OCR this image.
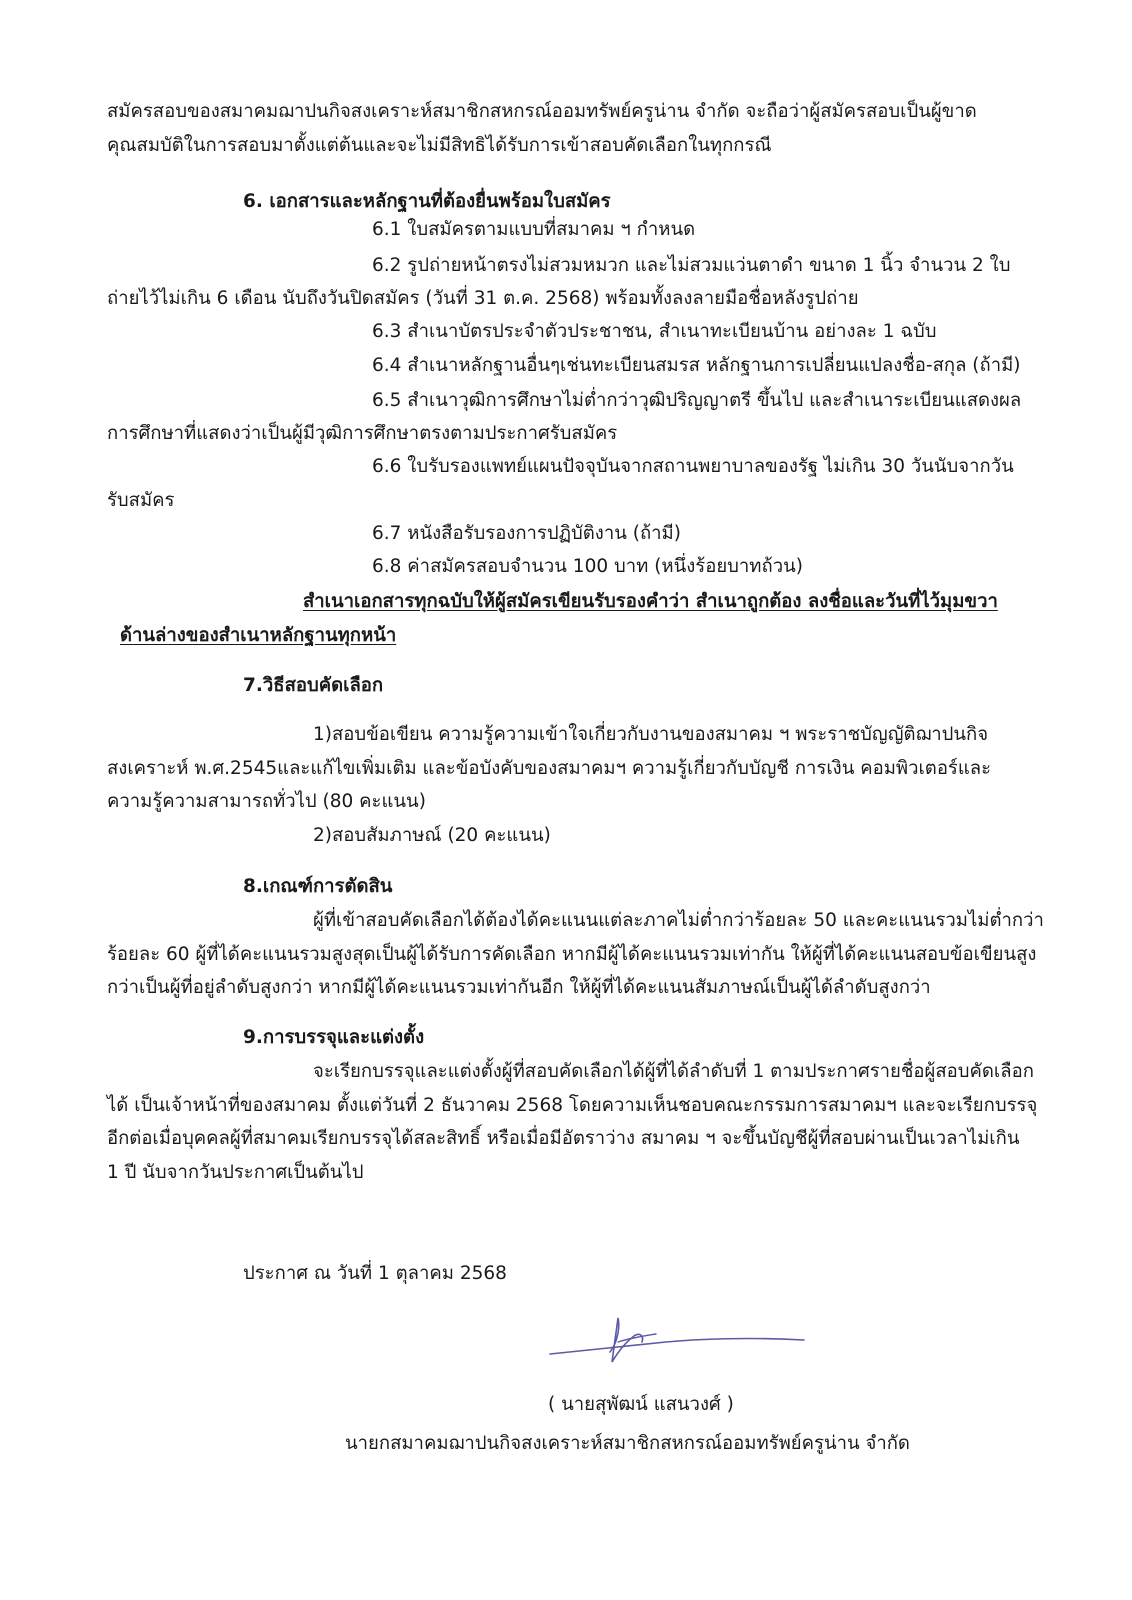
สมัครสอบของสมาคมฌาปนกิจสงเคราะห์สมาชิกสหกรณ์ออมทรัพย์ครูน่าน จำกัด จะถือว่าผู้สมัครสอบเป็นผู้ขาด
คุณสมบัติในการสอบมาตั้งแต่ต้นและจะไม่มีสิทธิได้รับการเข้าสอบคัดเลือกในทุกกรณี
6. เอกสารและหลักฐานที่ต้องยื่นพร้อมใบสมัคร
6.1 ใบสมัครตามแบบที่สมาคม ฯ กำหนด
6.2 รูปถ่ายหน้าตรงไม่สวมหมวก และไม่สวมแว่นตาดำ ขนาด 1 นิ้ว จำนวน 2 ใบ
ถ่ายไว้ไม่เกิน 6 เดือน นับถึงวันปิดสมัคร (วันที่ 31 ต.ค. 2568) พร้อมทั้งลงลายมือชื่อหลังรูปถ่าย
6.3 สำเนาบัตรประจำตัวประชาชน, สำเนาทะเบียนบ้าน อย่างละ 1 ฉบับ
6.4 สำเนาหลักฐานอื่นๆเช่นทะเบียนสมรส หลักฐานการเปลี่ยนแปลงชื่อ-สกุล (ถ้ามี)
6.5 สำเนาวุฒิการศึกษาไม่ต่ำกว่าวุฒิปริญญาตรี ขึ้นไป และสำเนาระเบียนแสดงผล
การศึกษาที่แสดงว่าเป็นผู้มีวุฒิการศึกษาตรงตามประกาศรับสมัคร
6.6 ใบรับรองแพทย์แผนปัจจุบันจากสถานพยาบาลของรัฐ ไม่เกิน 30 วันนับจากวัน
รับสมัคร
6.7 หนังสือรับรองการปฏิบัติงาน (ถ้ามี)
6.8 ค่าสมัครสอบจำนวน 100 บาท (หนึ่งร้อยบาทถ้วน)
สำเนาเอกสารทุกฉบับให้ผู้สมัครเขียนรับรองคำว่า สำเนาถูกต้อง ลงชื่อและวันที่ไว้มุมขวา
ด้านล่างของสำเนาหลักฐานทุกหน้า
7.วิธีสอบคัดเลือก
1)สอบข้อเขียน ความรู้ความเข้าใจเกี่ยวกับงานของสมาคม ฯ พระราชบัญญัติฌาปนกิจ
สงเคราะห์ พ.ศ.2545และแก้ไขเพิ่มเติม และข้อบังคับของสมาคมฯ ความรู้เกี่ยวกับบัญชี การเงิน คอมพิวเตอร์และ
ความรู้ความสามารถทั่วไป (80 คะแนน)
2)สอบสัมภาษณ์ (20 คะแนน)
8.เกณฑ์การตัดสิน
ผู้ที่เข้าสอบคัดเลือกได้ต้องได้คะแนนแต่ละภาคไม่ต่ำกว่าร้อยละ 50 และคะแนนรวมไม่ต่ำกว่า
ร้อยละ 60 ผู้ที่ได้คะแนนรวมสูงสุดเป็นผู้ได้รับการคัดเลือก หากมีผู้ได้คะแนนรวมเท่ากัน ให้ผู้ที่ได้คะแนนสอบข้อเขียนสูง
กว่าเป็นผู้ที่อยู่ลำดับสูงกว่า หากมีผู้ได้คะแนนรวมเท่ากันอีก ให้ผู้ที่ได้คะแนนสัมภาษณ์เป็นผู้ได้ลำดับสูงกว่า
9.การบรรจุและแต่งตั้ง
จะเรียกบรรจุและแต่งตั้งผู้ที่สอบคัดเลือกได้ผู้ที่ได้ลำดับที่ 1 ตามประกาศรายชื่อผู้สอบคัดเลือก
ได้ เป็นเจ้าหน้าที่ของสมาคม ตั้งแต่วันที่ 2 ธันวาคม 2568 โดยความเห็นชอบคณะกรรมการสมาคมฯ และจะเรียกบรรจุ
อีกต่อเมื่อบุคคลผู้ที่สมาคมเรียกบรรจุได้สละสิทธิ์ หรือเมื่อมีอัตราว่าง สมาคม ฯ จะขึ้นบัญชีผู้ที่สอบผ่านเป็นเวลาไม่เกิน
1 ปี นับจากวันประกาศเป็นต้นไป
ประกาศ ณ วันที่ 1 ตุลาคม 2568
( นายสุพัฒน์ แสนวงศ์ )
นายกสมาคมฌาปนกิจสงเคราะห์สมาชิกสหกรณ์ออมทรัพย์ครูน่าน จำกัด
